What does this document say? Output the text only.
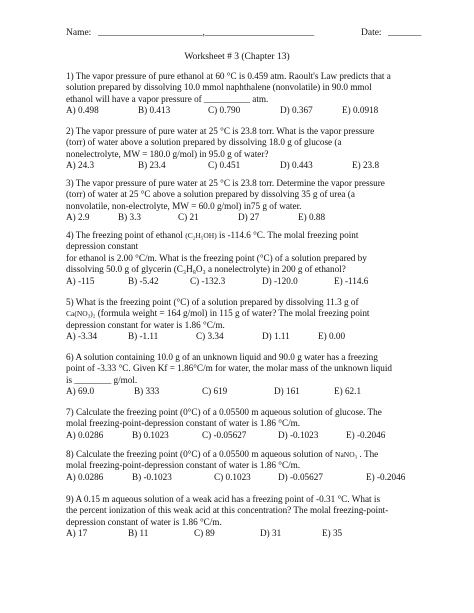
Name: ______________________,_______________________	Date: _______
Worksheet # 3 (Chapter 13)

1) The vapor pressure of pure ethanol at 60 °C is 0.459 atm. Raoult's Law predicts that a

solution prepared by dissolving 10.0 mmol naphthalene (nonvolatile) in 90.0 mmol

ethanol will have a vapor pressure of __________ atm.

A) 0.498	B) 0.413	C) 0.790	D) 0.367	E) 0.0918

2) The vapor pressure of pure water at 25 °C is 23.8 torr. What is the vapor pressure

(torr) of water above a solution prepared by dissolving 18.0 g of glucose (a

nonelectrolyte, MW = 180.0 g/mol) in 95.0 g of water?

A) 24.3	B) 23.4	C) 0.451	D) 0.443	E) 23.8

3) The vapor pressure of pure water at 25 °C is 23.8 torr. Determine the vapor pressure

(torr) of water at 25 °C above a solution prepared by dissolving 35 g of urea (a

nonvolatile, non-electrolyte, MW = 60.0 g/mol) in75 g of water.

A) 2.9	B) 3.3	C) 21	D) 27	E) 0.88

4) The freezing point of ethanol (C₂H₅OH) is -114.6 °C. The molal freezing point

depression constant

for ethanol is 2.00 °C/m. What is the freezing point (°C) of a solution prepared by

dissolving 50.0 g of glycerin (C₃H₈O₃ a nonelectrolyte) in 200 g of ethanol?

A) -115	B) -5.42	C) -132.3	D) -120.0	E) -114.6

5) What is the freezing point (°C) of a solution prepared by dissolving 11.3 g of

Ca(NO₃)₂ (formula weight = 164 g/mol) in 115 g of water? The molal freezing point

depression constant for water is 1.86 °C/m.

A) -3.34	B) -1.11	C) 3.34	D) 1.11	E) 0.00

6) A solution containing 10.0 g of an unknown liquid and 90.0 g water has a freezing

point of -3.33 °C. Given Kf = 1.86°C/m for water, the molar mass of the unknown liquid

is ________ g/mol.

A) 69.0	B) 333	C) 619	D) 161	E) 62.1

7) Calculate the freezing point (0°C) of a 0.05500 m aqueous solution of glucose. The

molal freezing-point-depression constant of water is 1.86 °C/m.

A) 0.0286	B) 0.1023	C) -0.05627	D) -0.1023	E) -0.2046

8) Calculate the freezing point (0°C) of a 0.05500 m aqueous solution of NaNO₃ . The

molal freezing-point-depression constant of water is 1.86 °C/m.

A) 0.0286	B) -0.1023	C) 0.1023	D) -0.05627	E) -0.2046

9) A 0.15 m aqueous solution of a weak acid has a freezing point of -0.31 °C. What is

the percent ionization of this weak acid at this concentration? The molal freezing-point-

depression constant of water is 1.86 °C/m.

A) 17	B) 11	C) 89	D) 31	E) 35
